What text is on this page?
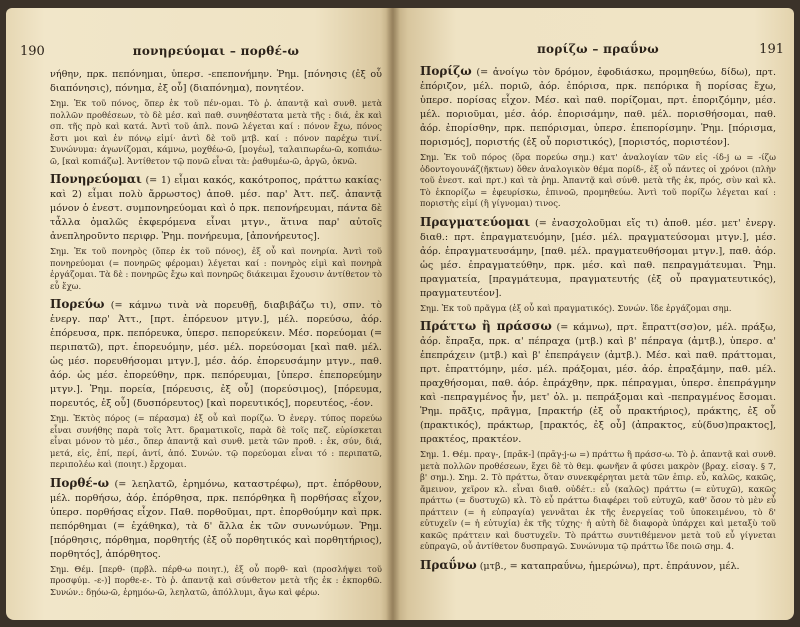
190	πονηρεύομαι – πορθέ-ω

νήθην, πρκ. πεπόνημαι, ὑπερσ. -επεπονήμην. Ῥημ. [πόνησις (ἐξ οὗ διαπόνησις), πόνημα, ἐξ οὗ] (διαπόνημα), πονητέον.

Σημ. Ἐκ τοῦ πόνος, ὅπερ ἐκ τοῦ πέν-ομαι. Τὸ ῥ. ἀπαντᾷ καὶ συνθ. μετὰ πολλῶν προθέσεων, τὸ δὲ μέσ. καὶ παθ. συνηθέστατα μετὰ τῆς : διά, ἐκ καὶ σπ. τῆς πρὸ καὶ κατά. Ἀντὶ τοῦ ἀπλ. πονῶ λέγεται καί : πόνον ἔχω, πόνος ἔστι μοι καὶ ἐν πόνῳ εἰμί· ἀντὶ δὲ τοῦ μτβ. καί : πόνον παρέχω τινί. Συνώνυμα: ἀγωνίζομαι, κάμνω, μοχθέω-ῶ, [μογέω], ταλαιπωρέω-ῶ, κοπιάω-ῶ, [καὶ κοπιάζω]. Ἀντίθετον τῷ πονῶ εἶναι τὰ: ῥαθυμέω-ῶ, ἀργῶ, ὀκνῶ.

Πονηρεύομαι (= 1) εἶμαι κακός, κακότροπος, πράττω κακίας· καὶ 2) εἶμαι πολὺ ἄρρωστος) ἀποθ. μέσ. παρ' Ἀττ. πεζ. ἀπαντᾷ μόνον ὁ ἐνεστ. συμπονηρεύομαι καὶ ὁ πρκ. πεπονήρευμαι, πάντα δὲ τἆλλα ὁμαλῶς ἐκφερόμενα εἶναι μτγν., ἅτινα παρ' αὐτοῖς ἀνεπληροῦντο περιφρ. Ῥημ. πονήρευμα, [ἀπονήρευτος].

Σημ. Ἐκ τοῦ πονηρὸς (ὅπερ ἐκ τοῦ πόνος), ἐξ οὗ καὶ πονηρία. Ἀντὶ τοῦ πονηρεύομαι (= πονηρῶς φέρομαι) λέγεται καί : πονηρὸς εἰμὶ καὶ πονηρὰ ἐργάζομαι. Τὰ δὲ : πονηρῶς ἔχω καὶ πονηρῶς διάκειμαι ἔχουσιν ἀντίθετον τὸ εὖ ἔχω.

Πορεύω (= κάμνω τινὰ νὰ πορευθῇ, διαβιβάζω τι), σπν. τὸ ἐνεργ. παρ' Ἀττ., [πρτ. ἐπόρευον μτγν.], μέλ. πορεύσω, ἀόρ. ἐπόρευσα, πρκ. πεπόρευκα, ὑπερσ. πεπορεύκειν. Μέσ. πορεύομαι (= περιπατῶ), πρτ. ἐπορευόμην, μέσ. μέλ. πορεύσομαι [καὶ παθ. μέλ. ὡς μέσ. πορευθήσομαι μτγν.], μέσ. ἀόρ. ἐπορευσάμην μτγν., παθ. ἀόρ. ὡς μέσ. ἐπορεύθην, πρκ. πεπόρευμαι, [ὑπερσ. ἐπεπορεύμην μτγν.]. Ῥημ. πορεία, [πόρευσις, ἐξ οὗ] (πορεύσιμος), [πόρευμα, πορευτός, ἐξ οὗ] (δυσπόρευτος) [καὶ πορευτικός], πορευτέος, -έον.

Σημ. Ἐκτὸς πόρος (= πέρασμα) ἐξ οὗ καὶ πορίζω. Ὁ ἐνεργ. τύπος πορεύω εἶναι συνήθης παρὰ τοῖς Ἀττ. δραματικοῖς, παρὰ δὲ τοῖς πεζ. εὑρίσκεται εἶναι μόνον τὸ μέσ., ὅπερ ἀπαντᾷ καὶ συνθ. μετὰ τῶν προθ. : ἐκ, σύν, διά, μετά, εἰς, ἐπί, περί, ἀντί, ἀπό. Συνών. τῷ πορεύομαι εἶναι τό : περιπατῶ, περιπολέω καὶ (ποιητ.) ἔρχομαι.

Πορθέ-ω (= λεηλατῶ, ἐρημόνω, καταστρέφω), πρτ. ἐπόρθουν, μέλ. πορθήσω, ἀόρ. ἐπόρθησα, πρκ. πεπόρθηκα ἢ πορθήσας εἶχον, ὑπερσ. πορθήσας εἶχον. Παθ. πορθοῦμαι, πρτ. ἐπορθούμην καὶ πρκ. πεπόρθημαι (= ἐχάθηκα), τὰ δ' ἄλλα ἐκ τῶν συνωνύμων. Ῥημ. [πόρθησις, πόρθημα, πορθητής (ἐξ οὗ πορθητικός καὶ πορθητήριος), πορθητός], ἀπόρθητος.

Σημ. Θέμ. [περθ- (πρβλ. πέρθ-ω ποιητ.), ἐξ οὗ πορθ- καὶ (προσλήψει τοῦ προσφύμ. -ε-)] πορθε-ε-. Τὸ ῥ. ἀπαντᾷ καὶ σύνθετον μετὰ τῆς ἐκ : ἐκπορθῶ. Συνών.: δῃόω-ῶ, ἐρημόω-ῶ, λεηλατῶ, ἀπόλλυμι, ἄγω καὶ φέρω.

πορίζω – πραΰνω	191

Πορίζω (= ἀνοίγω τὸν δρόμον, ἐφοδιάσκω, προμηθεύω, δίδω), πρτ. ἐπόριζον, μέλ. ποριῶ, ἀόρ. ἐπόρισα, πρκ. πεπόρικα ἢ πορίσας ἔχω, ὑπερσ. πορίσας εἶχον. Μέσ. καὶ παθ. πορίζομαι, πρτ. ἐποριζόμην, μέσ. μέλ. ποριοῦμαι, μέσ. ἀόρ. ἐπορισάμην, παθ. μέλ. πορισθήσομαι, παθ. ἀόρ. ἐπορίσθην, πρκ. πεπόρισμαι, ὑπερσ. ἐπεπορίσμην. Ῥημ. [πόρισμα, πορισμός], ποριστής (ἐξ οὗ ποριστικός), [ποριστός, ποριστέον].

Σημ. Ἐκ τοῦ πόρος (ὅρα πορεύω σημ.) κατ' ἀναλογίαν τῶν εἰς -ίδ-j ω = -ίζω ὀδοντογουνάζ(ῆκτων) ὅθεν ἀναλογικὸν θέμα πορίδ-, ἐξ οὗ πάντες οἱ χρόνοι (πλὴν τοῦ ἐνεστ. καὶ πρτ.) καὶ τὰ ῥημ. Ἀπαντᾷ καὶ σύνθ. μετὰ τῆς ἐκ, πρός, σὺν καὶ κλ. Τὸ ἐκπορίζω = ἐφευρίσκω, ἐπινοῶ, προμηθεύω. Ἀντὶ τοῦ πορίζω λέγεται καί : ποριστὴς εἰμί (ἢ γίγνομαι) τινος.

Πραγματεύομαι (= ἐνασχολοῦμαι εἴς τι) ἀποθ. μέσ. μετ' ἐνεργ. διαθ.: πρτ. ἐπραγματευόμην, [μέσ. μέλ. πραγματεύσομαι μτγν.], μέσ. ἀόρ. ἐπραγματευσάμην, [παθ. μέλ. πραγματευθήσομαι μτγν.], παθ. ἀόρ. ὡς μέσ. ἐπραγματεύθην, πρκ. μέσ. καὶ παθ. πεπραγμάτευμαι. Ῥημ. πραγματεία, [πραγμάτευμα, πραγματευτής (ἐξ οὗ πραγματευτικός), πραγματευτέον].

Σημ. Ἐκ τοῦ πρᾶγμα (ἐξ οὗ καὶ πραγματικός). Συνών. ἴδε ἐργάζομαι σημ.

Πράττω ἢ πράσσω (= κάμνω), πρτ. ἔπραττ(σσ)ον, μέλ. πράξω, ἀόρ. ἔπραξα, πρκ. α' πέπραχα (μτβ.) καὶ β' πέπραγα (ἀμτβ.), ὑπερσ. α' ἐπεπράχειν (μτβ.) καὶ β' ἐπεπράγειν (ἀμτβ.). Μέσ. καὶ παθ. πράττομαι, πρτ. ἐπραττόμην, μέσ. μέλ. πράξομαι, μέσ. ἀόρ. ἐπραξάμην, παθ. μέλ. πραχθήσομαι, παθ. ἀόρ. ἐπράχθην, πρκ. πέπραγμαι, ὑπερσ. ἐπεπράγμην καὶ -πεπραγμένος ἦν, μετ' ὀλ. μ. πεπράξομαι καὶ -πεπραγμένος ἔσομαι. Ῥημ. πρᾶξις, πρᾶγμα, [πρακτήρ (ἐξ οὗ πρακτήριος), πράκτης, ἐξ οὗ (πρακτικός), πράκτωρ, [πρακτός, ἐξ οὗ] (ἀπρακτος, εὐ(δυσ)πρακτος], πρακτέος, πρακτέον.

Σημ. 1. Θέμ. πραγ-, [πρᾱκ-] (πρᾱγ-j-ω =) πράττω ἢ πράσσ-ω. Τὸ ῥ. ἀπαντᾷ καὶ συνθ. μετὰ πολλῶν προθέσεων, ἔχει δὲ τὸ θεμ. φωνῆεν ᾱ φύσει μακρὸν (βραχ. εἰσαγ. § 7, β' σημ.). Σημ. 2. Τὸ πράττω, ὅταν συνεκφέρηται μετὰ τῶν ἐπιρ. εὖ, καλῶς, κακῶς, ἄμεινον, χεῖρον κλ. εἶναι διαθ. οὐδέτ.: εὖ (καλῶς) πράττω (= εὐτυχῶ), κακῶς πράττω (= δυστυχῶ) κλ. Τὸ εὖ πράττω διαφέρει τοῦ εὐτυχῶ, καθ' ὅσον τὸ μὲν εὖ πράττειν (= ἡ εὐπραγία) γεννᾶται ἐκ τῆς ἐνεργείας τοῦ ὑποκειμένου, τὸ δ' εὐτυχεῖν (= ἡ εὐτυχία) ἐκ τῆς τύχης· ἡ αὐτὴ δὲ διαφορὰ ὑπάρχει καὶ μεταξὺ τοῦ κακῶς πράττειν καὶ δυστυχεῖν. Τὸ πράττω συντιθέμενον μετὰ τοῦ εὖ γίγνεται εὐπραγῶ, οὗ ἀντίθετον δυσπραγῶ. Συνώνυμα τῷ πράττω ἴδε ποιῶ σημ. 4.

Πραΰνω (μτβ., = καταπραΰνω, ἡμερώνω), πρτ. ἐπράυνον, μέλ.
